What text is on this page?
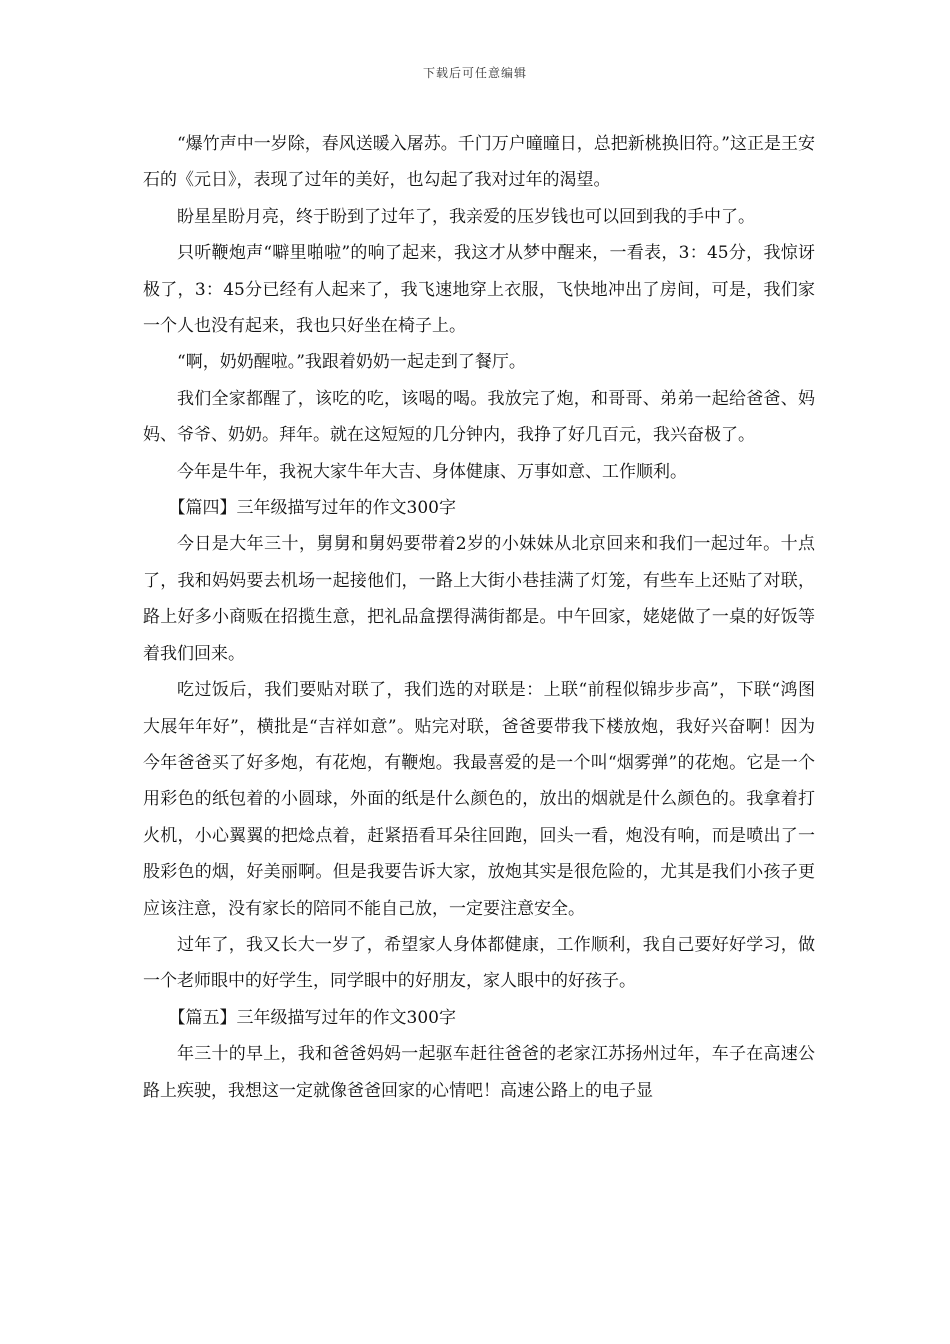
下载后可任意编辑

“爆竹声中一岁除，春风送暖入屠苏。千门万户曈曈日，总把新桃换旧符。”这正是王安石的《元日》，表现了过年的美好，也勾起了我对过年的渴望。

盼星星盼月亮，终于盼到了过年了，我亲爱的压岁钱也可以回到我的手中了。

只听鞭炮声“噼里啪啦”的响了起来，我这才从梦中醒来，一看表，3：45分，我惊讶极了，3：45分已经有人起来了，我飞速地穿上衣服，飞快地冲出了房间，可是，我们家一个人也没有起来，我也只好坐在椅子上。

“啊，奶奶醒啦。”我跟着奶奶一起走到了餐厅。

我们全家都醒了，该吃的吃，该喝的喝。我放完了炮，和哥哥、弟弟一起给爸爸、妈妈、爷爷、奶奶。拜年。就在这短短的几分钟内，我挣了好几百元，我兴奋极了。

今年是牛年，我祝大家牛年大吉、身体健康、万事如意、工作顺利。

【篇四】三年级描写过年的作文300字

今日是大年三十，舅舅和舅妈要带着2岁的小妹妹从北京回来和我们一起过年。十点了，我和妈妈要去机场一起接他们，一路上大街小巷挂满了灯笼，有些车上还贴了对联，路上好多小商贩在招揽生意，把礼品盒摆得满街都是。中午回家，姥姥做了一桌的好饭等着我们回来。

吃过饭后，我们要贴对联了，我们选的对联是：上联“前程似锦步步高”，下联“鸿图大展年年好”，横批是“吉祥如意”。贴完对联，爸爸要带我下楼放炮，我好兴奋啊！因为今年爸爸买了好多炮，有花炮，有鞭炮。我最喜爱的是一个叫“烟雾弹”的花炮。它是一个用彩色的纸包着的小圆球，外面的纸是什么颜色的，放出的烟就是什么颜色的。我拿着打火机，小心翼翼的把焾点着，赶紧捂看耳朵往回跑，回头一看，炮没有响，而是喷出了一股彩色的烟，好美丽啊。但是我要告诉大家，放炮其实是很危险的，尤其是我们小孩子更应该注意，没有家长的陪同不能自己放，一定要注意安全。

过年了，我又长大一岁了，希望家人身体都健康，工作顺利，我自己要好好学习，做一个老师眼中的好学生，同学眼中的好朋友，家人眼中的好孩子。

【篇五】三年级描写过年的作文300字

年三十的早上，我和爸爸妈妈一起驱车赶往爸爸的老家江苏扬州过年，车子在高速公路上疾驶，我想这一定就像爸爸回家的心情吧！高速公路上的电子显
